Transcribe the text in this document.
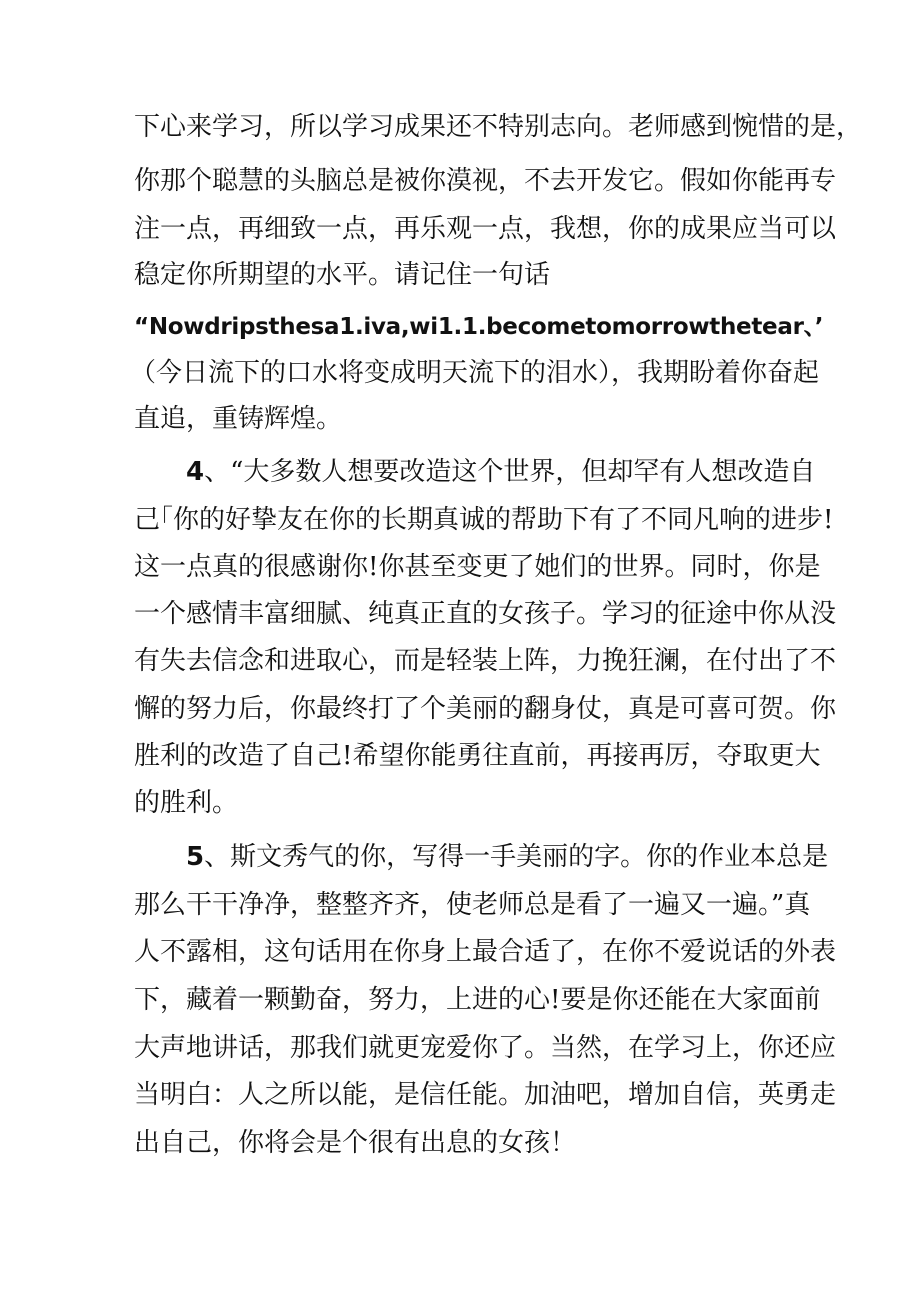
下心来学习，所以学习成果还不特别志向。老师感到惋惜的是，
你那个聪慧的头脑总是被你漠视，不去开发它。假如你能再专
注一点，再细致一点，再乐观一点，我想，你的成果应当可以
稳定你所期望的水平。请记住一句话
“Nowdripsthesa1.iva,wi1.1.becometomorrowthetear、’
（今日流下的口水将变成明天流下的泪水），我期盼着你奋起
直追，重铸辉煌。
4、“大多数人想要改造这个世界，但却罕有人想改造自
己｢你的好挚友在你的长期真诚的帮助下有了不同凡响的进步!
这一点真的很感谢你!你甚至变更了她们的世界。同时，你是
一个感情丰富细腻、纯真正直的女孩子。学习的征途中你从没
有失去信念和进取心，而是轻装上阵，力挽狂澜，在付出了不
懈的努力后，你最终打了个美丽的翻身仗，真是可喜可贺。你
胜利的改造了自己!希望你能勇往直前，再接再厉，夺取更大
的胜利。
5、斯文秀气的你，写得一手美丽的字。你的作业本总是
那么干干净净，整整齐齐，使老师总是看了一遍又一遍。”真
人不露相，这句话用在你身上最合适了，在你不爱说话的外表
下，藏着一颗勤奋，努力，上进的心!要是你还能在大家面前
大声地讲话，那我们就更宠爱你了。当然，在学习上，你还应
当明白：人之所以能，是信任能。加油吧，增加自信，英勇走
出自己，你将会是个很有出息的女孩！
